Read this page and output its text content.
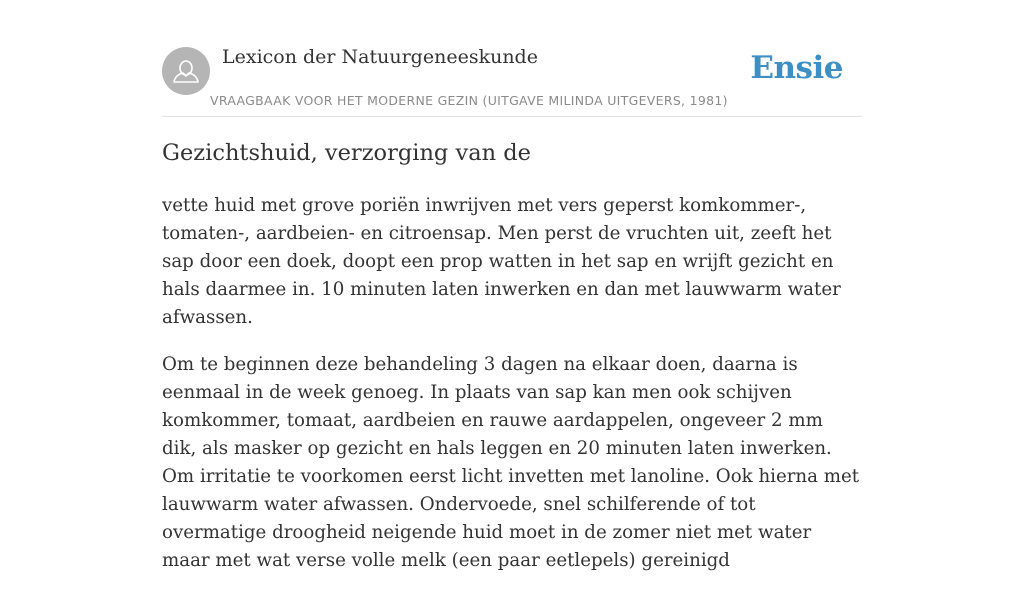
Lexicon der Natuurgeneeskunde
VRAAGBAAK VOOR HET MODERNE GEZIN (UITGAVE MILINDA UITGEVERS, 1981)
Ensie
Gezichtshuid, verzorging van de

vette huid met grove poriën inwrijven met vers geperst komkommer-, tomaten-, aardbeien- en citroensap. Men perst de vruchten uit, zeeft het sap door een doek, doopt een prop watten in het sap en wrijft gezicht en hals daarmee in. 10 minuten laten inwerken en dan met lauwwarm water afwassen.

Om te beginnen deze behandeling 3 dagen na elkaar doen, daarna is eenmaal in de week genoeg. In plaats van sap kan men ook schijven komkommer, tomaat, aardbeien en rauwe aardappelen, ongeveer 2 mm dik, als masker op gezicht en hals leggen en 20 minuten laten inwerken. Om irritatie te voorkomen eerst licht invetten met lanoline. Ook hierna met lauwwarm water afwassen. Ondervoede, snel schilferende of tot overmatige droogheid neigende huid moet in de zomer niet met water maar met wat verse volle melk (een paar eetlepels) gereinigd
